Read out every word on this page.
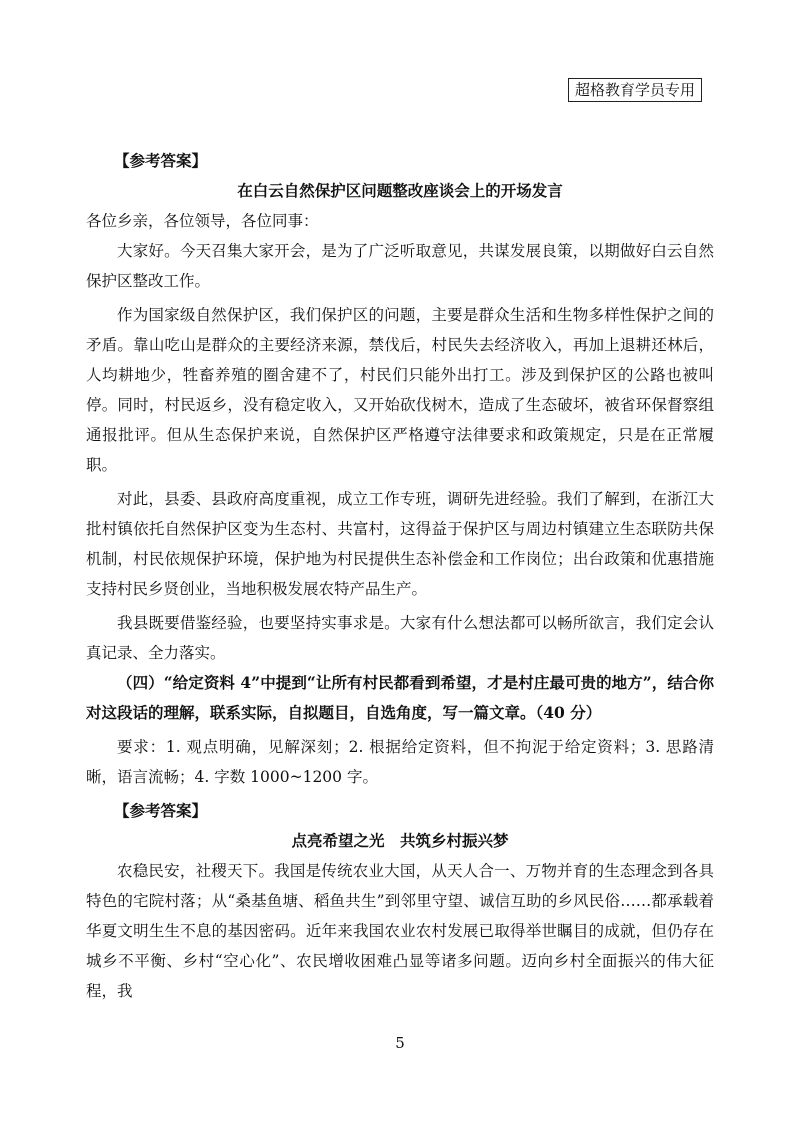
超格教育学员专用

【参考答案】

在白云自然保护区问题整改座谈会上的开场发言

各位乡亲，各位领导，各位同事：

大家好。今天召集大家开会，是为了广泛听取意见，共谋发展良策，以期做好白云自然保护区整改工作。

作为国家级自然保护区，我们保护区的问题，主要是群众生活和生物多样性保护之间的矛盾。靠山吃山是群众的主要经济来源，禁伐后，村民失去经济收入，再加上退耕还林后，人均耕地少，牲畜养殖的圈舍建不了，村民们只能外出打工。涉及到保护区的公路也被叫停。同时，村民返乡，没有稳定收入，又开始砍伐树木，造成了生态破坏，被省环保督察组通报批评。但从生态保护来说，自然保护区严格遵守法律要求和政策规定，只是在正常履职。

对此，县委、县政府高度重视，成立工作专班，调研先进经验。我们了解到，在浙江大批村镇依托自然保护区变为生态村、共富村，这得益于保护区与周边村镇建立生态联防共保机制，村民依规保护环境，保护地为村民提供生态补偿金和工作岗位；出台政策和优惠措施支持村民乡贤创业，当地积极发展农特产品生产。

我县既要借鉴经验，也要坚持实事求是。大家有什么想法都可以畅所欲言，我们定会认真记录、全力落实。

（四）“给定资料 4”中提到“让所有村民都看到希望，才是村庄最可贵的地方”，结合你对这段话的理解，联系实际，自拟题目，自选角度，写一篇文章。（40 分）

要求：1. 观点明确，见解深刻；2. 根据给定资料，但不拘泥于给定资料；3. 思路清晰，语言流畅；4. 字数 1000~1200 字。

【参考答案】

点亮希望之光　共筑乡村振兴梦

农稳民安，社稷天下。我国是传统农业大国，从天人合一、万物并育的生态理念到各具特色的宅院村落；从“桑基鱼塘、稻鱼共生”到邻里守望、诚信互助的乡风民俗……都承载着华夏文明生生不息的基因密码。近年来我国农业农村发展已取得举世瞩目的成就，但仍存在城乡不平衡、乡村“空心化”、农民增收困难凸显等诸多问题。迈向乡村全面振兴的伟大征程，我

5
